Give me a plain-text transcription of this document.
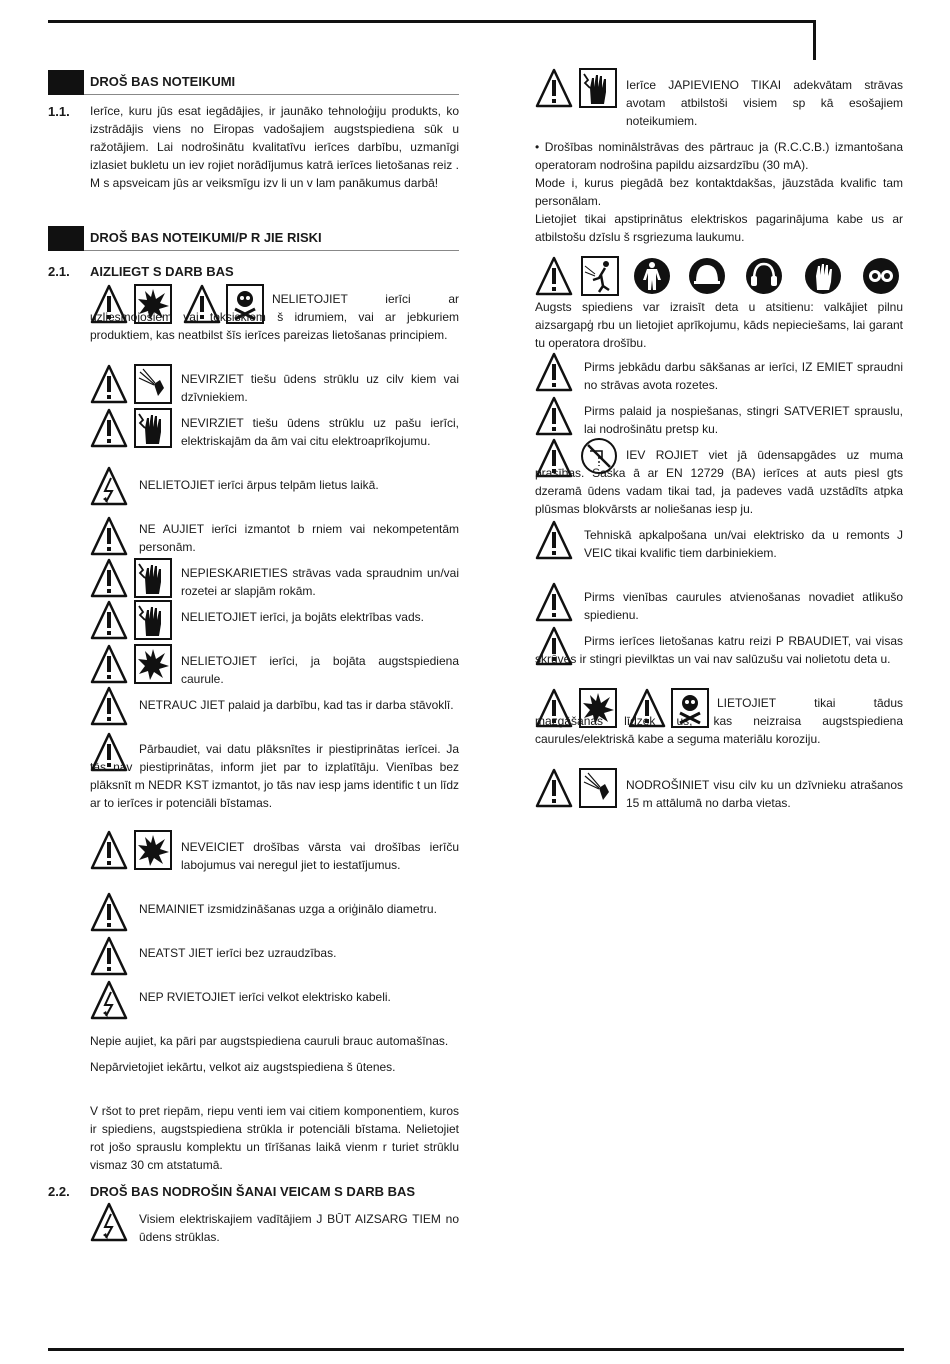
DROŠ BAS NOTEIKUMI
1.1. Ierīce, kuru jūs esat iegādājies, ir jaunāko tehnoloģiju produkts, ko izstrādājis viens no Eiropas vadošajiem augstspiediena sūk u ražotājiem. Lai nodrošinātu kvalitatīvu ierīces darbību, uzmanīgi izlasiet bukletu un iev rojiet norādījumus katrā ierīces lietošanas reiz . M s apsveicam jūs ar veiksmīgu izv li un v lam panākumus darbā!
DROŠ BAS NOTEIKUMI/P R JIE RISKI
2.1. AIZLIEGT S DARB BAS
NELIETOJIET ierīci ar uzliesmojošiem vai toksiskiem š idrumiem, vai ar jebkuriem produktiem, kas neatbilst šīs ierīces pareizas lietošanas principiem.
NEVIRZIET tiešu ūdens strūklu uz cilv kiem vai dzīvniekiem.
NEVIRZIET tiešu ūdens strūklu uz pašu ierīci, elektriskajām da ām vai citu elektroaprīkojumu.
NELIETOJIET ierīci ārpus telpām lietus laikā.
NE AUJIET ierīci izmantot b rniem vai nekompetentām personām.
NEPIESKARIETIES strāvas vada spraudnim un/vai rozetei ar slapjām rokām.
NELIETOJIET ierīci, ja bojāts elektrības vads.
NELIETOJIET ierīci, ja bojāta augstspiediena caurule.
NETRAUC JIET palaid ja darbību, kad tas ir darba stāvoklī.
Pārbaudiet, vai datu plāksnītes ir piestiprinātas ierīcei. Ja tās nav piestiprinātas, inform jiet par to izplatītāju. Vienības bez plāksnīt m NEDR KST izmantot, jo tās nav iesp jams identific t un līdz ar to ierīces ir potenciāli bīstamas.
NEVEICIET drošības vārsta vai drošības ierīču labojumus vai neregul jiet to iestatījumus.
NEMAINIET izsmidzināšanas uzga a oriģinālo diametru.
NEATST JIET ierīci bez uzraudzības.
NEP RVIETOJIET ierīci velkot elektrisko kabeli.
Nepie aujiet, ka pāri par augstspiediena cauruli brauc automašīnas.
Nepārvietojiet iekārtu, velkot aiz augstspiediena š ūtenes.
V ršot to pret riepām, riepu venti iem vai citiem komponentiem, kuros ir spiediens, augstspiediena strūkla ir potenciāli bīstama. Nelietojiet rot jošo sprauslu komplektu un tīrīšanas laikā vienm r turiet strūklu vismaz 30 cm atstatumā.
2.2. DROŠ BAS NODROŠIN ŠANAI VEICAM S DARB BAS
Visiem elektriskajiem vadītājiem J BŪT AIZSARG TIEM no ūdens strūklas.
Ierīce JAPIEVIENO TIKAI adekvātam strāvas avotam atbilstoši visiem sp kā esošajiem noteikumiem.
• Drošības nominālstrāvas des pārtrauc ja (R.C.C.B.) izmantošana operatoram nodrošina papildu aizsardzību (30 mA).
Mode i, kurus piegādā bez kontaktdakšas, jāuzstāda kvalific tam personālam.
Lietojiet tikai apstiprinātus elektriskos pagarinājuma kabe us ar atbilstošu dzīslu š rsgriezuma laukumu.
Augsts spiediens var izraisīt deta u atsitienu: valkājiet pilnu aizsargapģ rbu un lietojiet aprīkojumu, kāds nepieciešams, lai garant tu operatora drošību.
Pirms jebkādu darbu sākšanas ar ierīci, IZ EMIET spraudni no strāvas avota rozetes.
Pirms palaid ja nospiešanas, stingri SATVERIET sprauslu, lai nodrošinātu pretsp ku.
IEV ROJIET viet jā ūdensapgādes uz muma prasības. Saska ā ar EN 12729 (BA) ierīces at auts piesl gts dzeramā ūdens vadam tikai tad, ja padeves vadā uzstādīts atpka plūsmas blokvārsts ar noliešanas iesp ju.
Tehniskā apkalpošana un/vai elektrisko da u remonts J VEIC tikai kvalific tiem darbiniekiem.
Pirms vienības caurules atvienošanas novadiet atlikušo spiedienu.
Pirms ierīces lietošanas katru reizi P RBAUDIET, vai visas skrūves ir stingri pievilktas un vai nav salūzušu vai nolietotu deta u.
LIETOJIET tikai tādus mazgāšanas līdzek us, kas neizraisa augstspiediena caurules/elektriskā kabe a seguma materiālu koroziju.
NODROŠINIET visu cilv ku un dzīvnieku atrašanos 15 m attālumā no darba vietas.
